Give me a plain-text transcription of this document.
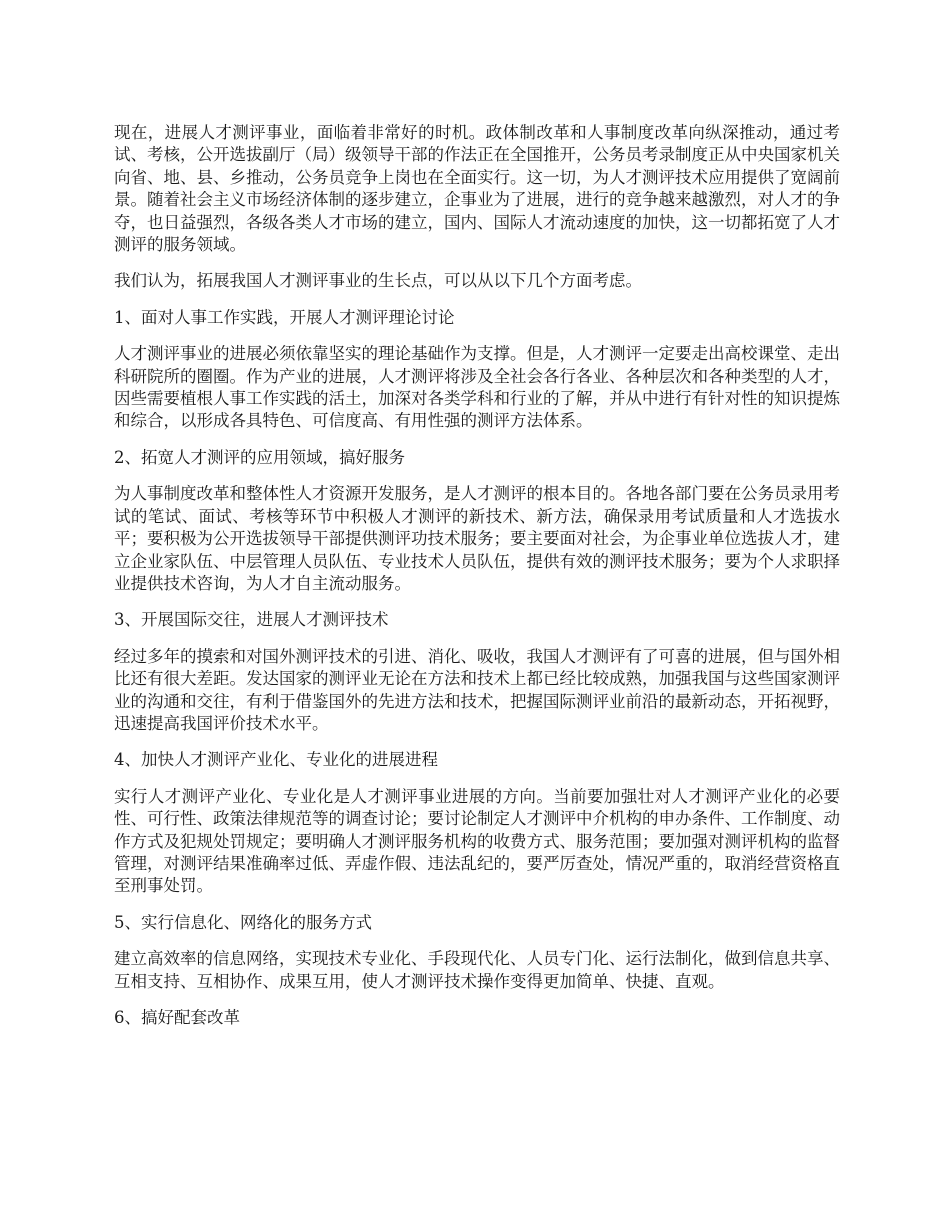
现在，进展人才测评事业，面临着非常好的时机。政体制改革和人事制度改革向纵深推动，通过考试、考核，公开选拔副厅（局）级领导干部的作法正在全国推开，公务员考录制度正从中央国家机关向省、地、县、乡推动，公务员竞争上岗也在全面实行。这一切，为人才测评技术应用提供了宽阔前景。随着社会主义市场经济体制的逐步建立，企事业为了进展，进行的竞争越来越激烈，对人才的争夺，也日益强烈，各级各类人才市场的建立，国内、国际人才流动速度的加快，这一切都拓宽了人才测评的服务领域。

我们认为，拓展我国人才测评事业的生长点，可以从以下几个方面考虑。

1、面对人事工作实践，开展人才测评理论讨论

人才测评事业的进展必须依靠坚实的理论基础作为支撑。但是，人才测评一定要走出高校课堂、走出科研院所的圈圈。作为产业的进展，人才测评将涉及全社会各行各业、各种层次和各种类型的人才，因些需要植根人事工作实践的活土，加深对各类学科和行业的了解，并从中进行有针对性的知识提炼和综合，以形成各具特色、可信度高、有用性强的测评方法体系。

2、拓宽人才测评的应用领域，搞好服务

为人事制度改革和整体性人才资源开发服务，是人才测评的根本目的。各地各部门要在公务员录用考试的笔试、面试、考核等环节中积极人才测评的新技术、新方法，确保录用考试质量和人才选拔水平；要积极为公开选拔领导干部提供测评功技术服务；要主要面对社会，为企事业单位选拔人才，建立企业家队伍、中层管理人员队伍、专业技术人员队伍，提供有效的测评技术服务；要为个人求职择业提供技术咨询，为人才自主流动服务。

3、开展国际交往，进展人才测评技术

经过多年的摸索和对国外测评技术的引进、消化、吸收，我国人才测评有了可喜的进展，但与国外相比还有很大差距。发达国家的测评业无论在方法和技术上都已经比较成熟，加强我国与这些国家测评业的沟通和交往，有利于借鉴国外的先进方法和技术，把握国际测评业前沿的最新动态，开拓视野，迅速提高我国评价技术水平。

4、加快人才测评产业化、专业化的进展进程

实行人才测评产业化、专业化是人才测评事业进展的方向。当前要加强壮对人才测评产业化的必要性、可行性、政策法律规范等的调查讨论；要讨论制定人才测评中介机构的申办条件、工作制度、动作方式及犯规处罚规定；要明确人才测评服务机构的收费方式、服务范围；要加强对测评机构的监督管理，对测评结果准确率过低、弄虚作假、违法乱纪的，要严厉查处，情况严重的，取消经营资格直至刑事处罚。

5、实行信息化、网络化的服务方式

建立高效率的信息网络，实现技术专业化、手段现代化、人员专门化、运行法制化，做到信息共享、互相支持、互相协作、成果互用，使人才测评技术操作变得更加简单、快捷、直观。

6、搞好配套改革
